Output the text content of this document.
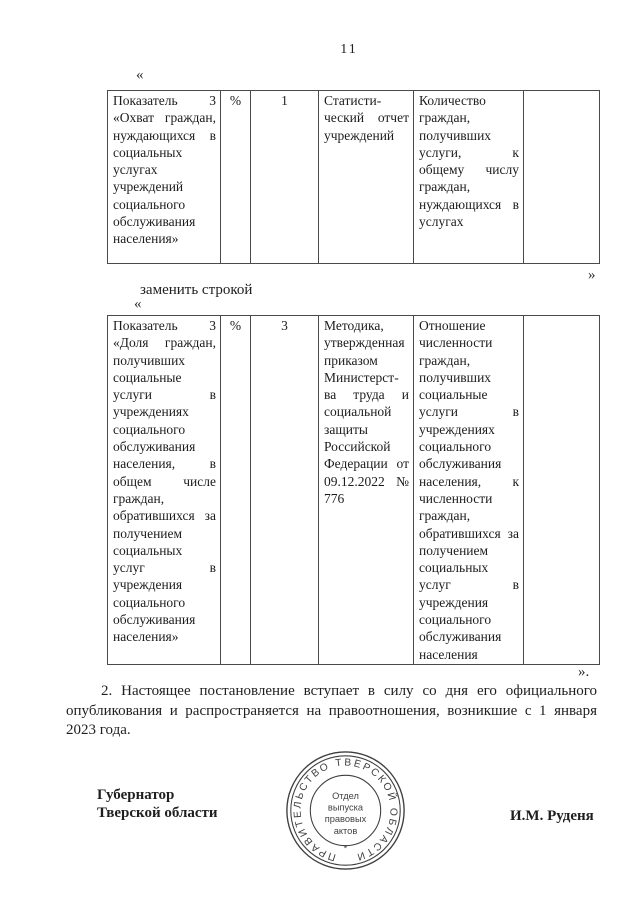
11
«
Показатель 3 «Охват граждан, нуждающихся в социальных услугах учреждений социального обслуживания населения»	%	1	Статисти-ческий отчет учреждений	Количество граждан, получивших услуги, к общему числу граждан, нуждающихся в услугах	
»
заменить строкой
«
Показатель 3 «Доля граждан, получивших социальные услуги в учреждениях социального обслуживания населения, в общем числе граждан, обратившихся за получением социальных услуг в учреждения социального обслуживания населения»	%	3	Методика, утвержденная приказом Министерст-ва труда и социальной защиты Российской Федерации от 09.12.2022 № 776	Отношение численности граждан, получивших социальные услуги в учреждениях социального обслуживания населения, к численности граждан, обратившихся за получением социальных услуг в учреждения социального обслуживания населения	
».
2. Настоящее постановление вступает в силу со дня его официального опубликования и распространяется на правоотношения, возникшие с 1 января 2023 года.
Губернатор
Тверской области	И.М. Руденя
ПРАВИТЕЛЬСТВО ТВЕРСКОЙ ОБЛАСТИ
*
Отдел
выпуска
правовых
актов
